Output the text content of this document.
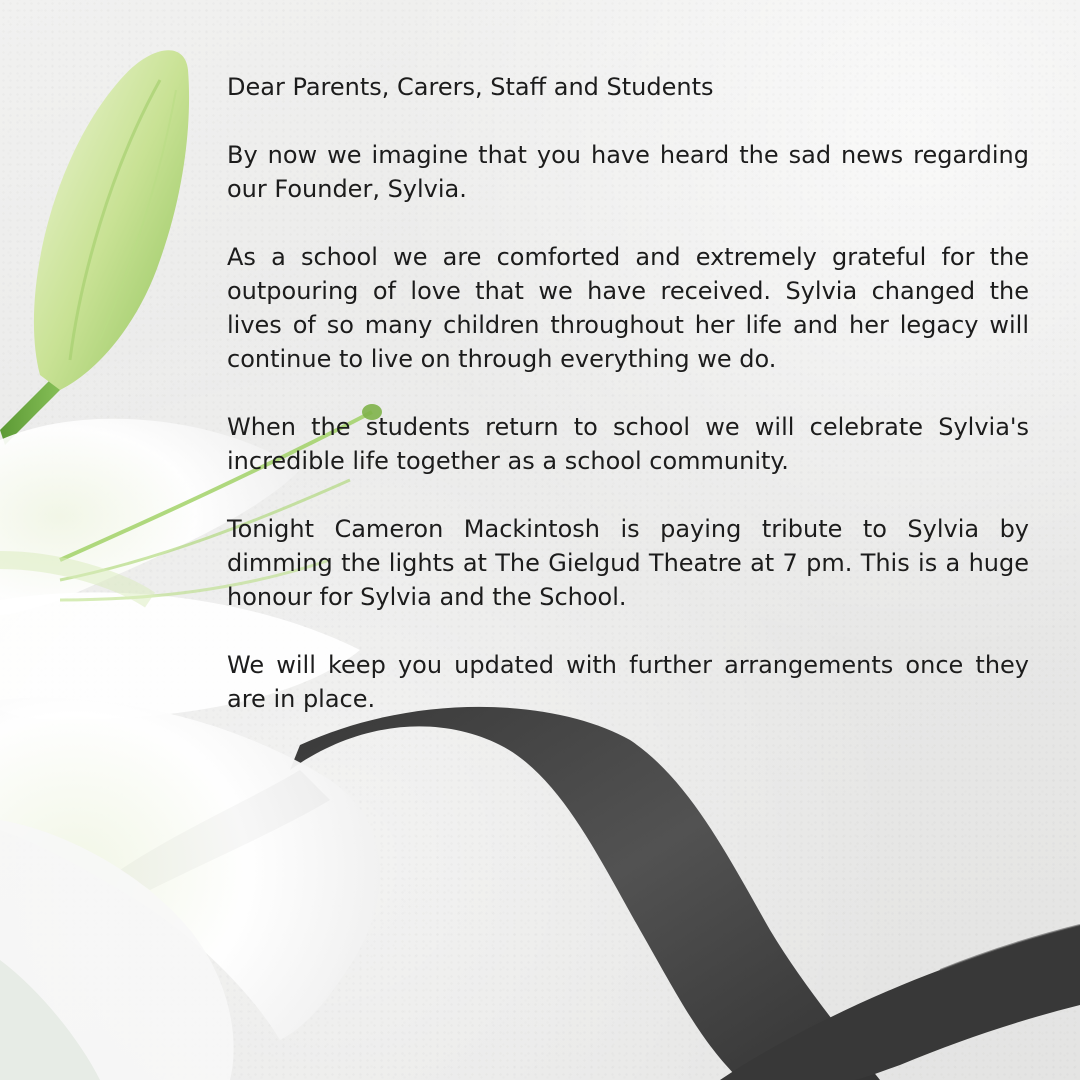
Dear Parents, Carers, Staff and Students

By now we imagine that you have heard the sad news regarding our Founder, Sylvia.

As a school we are comforted and extremely grateful for the outpouring of love that we have received. Sylvia changed the lives of so many children throughout her life and her legacy will continue to live on through everything we do.

When the students return to school we will celebrate Sylvia's incredible life together as a school community.

Tonight Cameron Mackintosh is paying tribute to Sylvia by dimming the lights at The Gielgud Theatre at 7 pm. This is a huge honour for Sylvia and the School.

We will keep you updated with further arrangements once they are in place.
